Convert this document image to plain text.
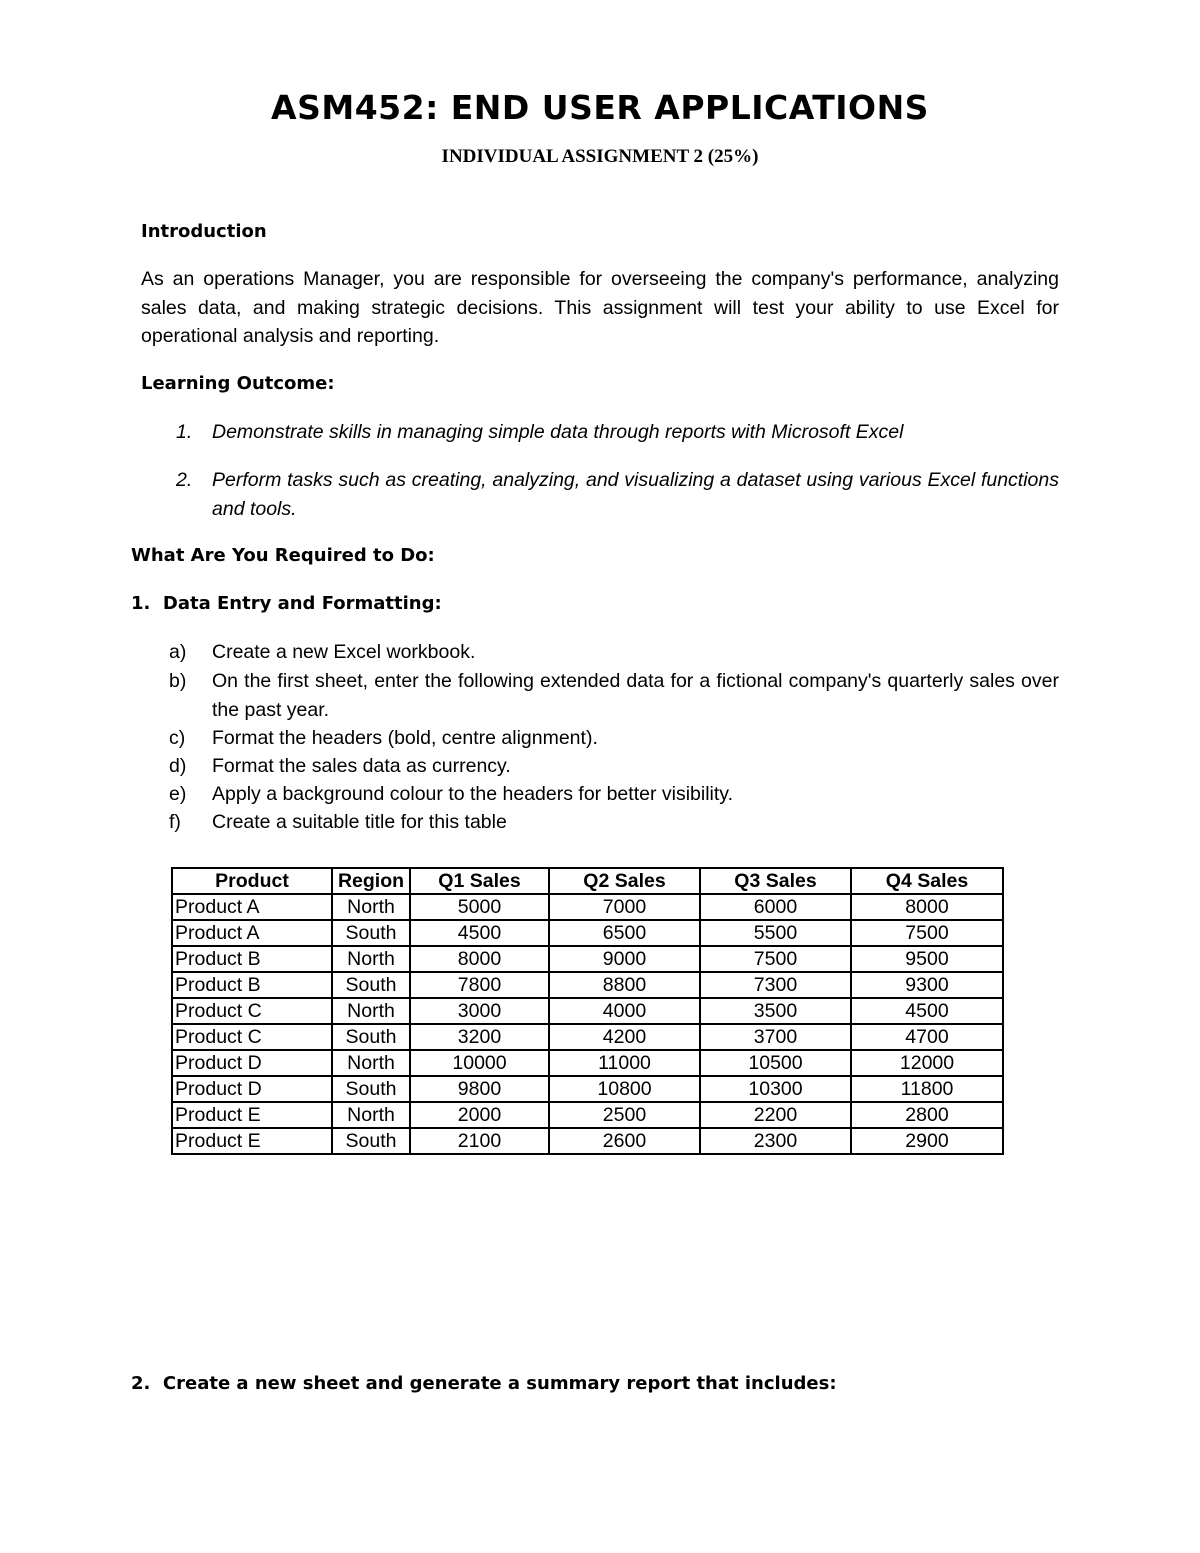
ASM452: END USER APPLICATIONS
INDIVIDUAL ASSIGNMENT 2 (25%)
Introduction
As an operations Manager, you are responsible for overseeing the company's performance, analyzing sales data, and making strategic decisions. This assignment will test your ability to use Excel for operational analysis and reporting.
Learning Outcome:
1. Demonstrate skills in managing simple data through reports with Microsoft Excel
2. Perform tasks such as creating, analyzing, and visualizing a dataset using various Excel functions and tools.
What Are You Required to Do:
1.  Data Entry and Formatting:
a) Create a new Excel workbook.
b) On the first sheet, enter the following extended data for a fictional company's quarterly sales over the past year.
c) Format the headers (bold, centre alignment).
d) Format the sales data as currency.
e) Apply a background colour to the headers for better visibility.
f) Create a suitable title for this table
Product	Region	Q1 Sales	Q2 Sales	Q3 Sales	Q4 Sales
Product A	North	5000	7000	6000	8000
Product A	South	4500	6500	5500	7500
Product B	North	8000	9000	7500	9500
Product B	South	7800	8800	7300	9300
Product C	North	3000	4000	3500	4500
Product C	South	3200	4200	3700	4700
Product D	North	10000	11000	10500	12000
Product D	South	9800	10800	10300	11800
Product E	North	2000	2500	2200	2800
Product E	South	2100	2600	2300	2900
2.  Create a new sheet and generate a summary report that includes:
